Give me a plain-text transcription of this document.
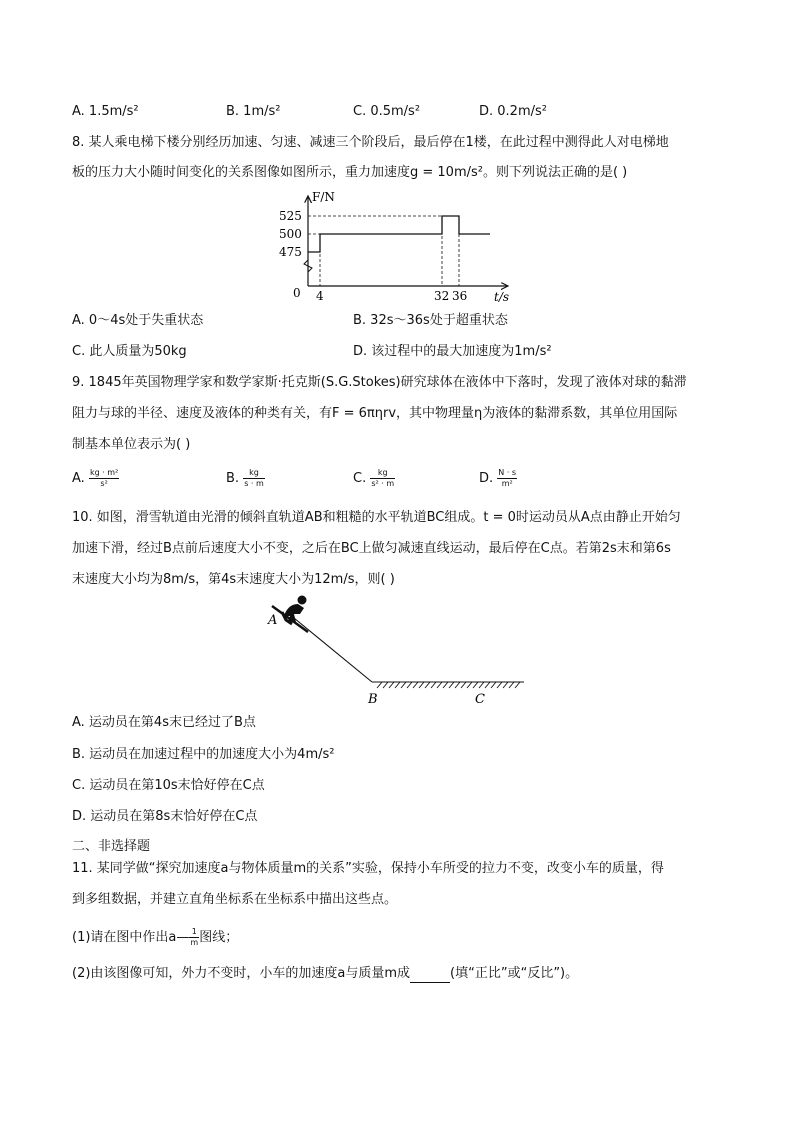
A. 1.5m/s²	B. 1m/s²	C. 0.5m/s²	D. 0.2m/s²
8. 某人乘电梯下楼分别经历加速、匀速、减速三个阶段后，最后停在1楼，在此过程中测得此人对电梯地
板的压力大小随时间变化的关系图像如图所示，重力加速度g = 10m/s²。则下列说法正确的是( )
F/N
t/s
0
525
500
475
4	32 36
A. 0～4s处于失重状态	B. 32s～36s处于超重状态
C. 此人质量为50kg	D. 该过程中的最大加速度为1m/s²
9. 1845年英国物理学家和数学家斯·托克斯(S.G.Stokes)研究球体在液体中下落时，发现了液体对球的黏滞
阻力与球的半径、速度及液体的种类有关，有F = 6πηrv，其中物理量η为液体的黏滞系数，其单位用国际
制基本单位表示为( )
A. $\frac{\text{kg · m²}}{\text{s²}}$	B. $\frac{kg}{s \cdot m}$	C. $\frac{kg}{\text{s² · m}}$	D. $\frac{N \cdot s}{\text{m²}}$
10. 如图，滑雪轨道由光滑的倾斜直轨道AB和粗糙的水平轨道BC组成。t = 0时运动员从A点由静止开始匀
加速下滑，经过B点前后速度大小不变，之后在BC上做匀减速直线运动，最后停在C点。若第2s末和第6s
末速度大小均为8m/s，第4s末速度大小为12m/s，则( )
A
B	C
A. 运动员在第4s末已经过了B点
B. 运动员在加速过程中的加速度大小为4m/s²
C. 运动员在第10s末恰好停在C点
D. 运动员在第8s末恰好停在C点
二、非选择题
11. 某同学做“探究加速度a与物体质量m的关系”实验，保持小车所受的拉力不变，改变小车的质量，得
到多组数据，并建立直角坐标系在坐标系中描出这些点。
(1)请在图中作出a— $\frac{1}{m}$ 图线；
(2)由该图像可知，外力不变时，小车的加速度a与质量m成	(填“正比”或“反比”)。
